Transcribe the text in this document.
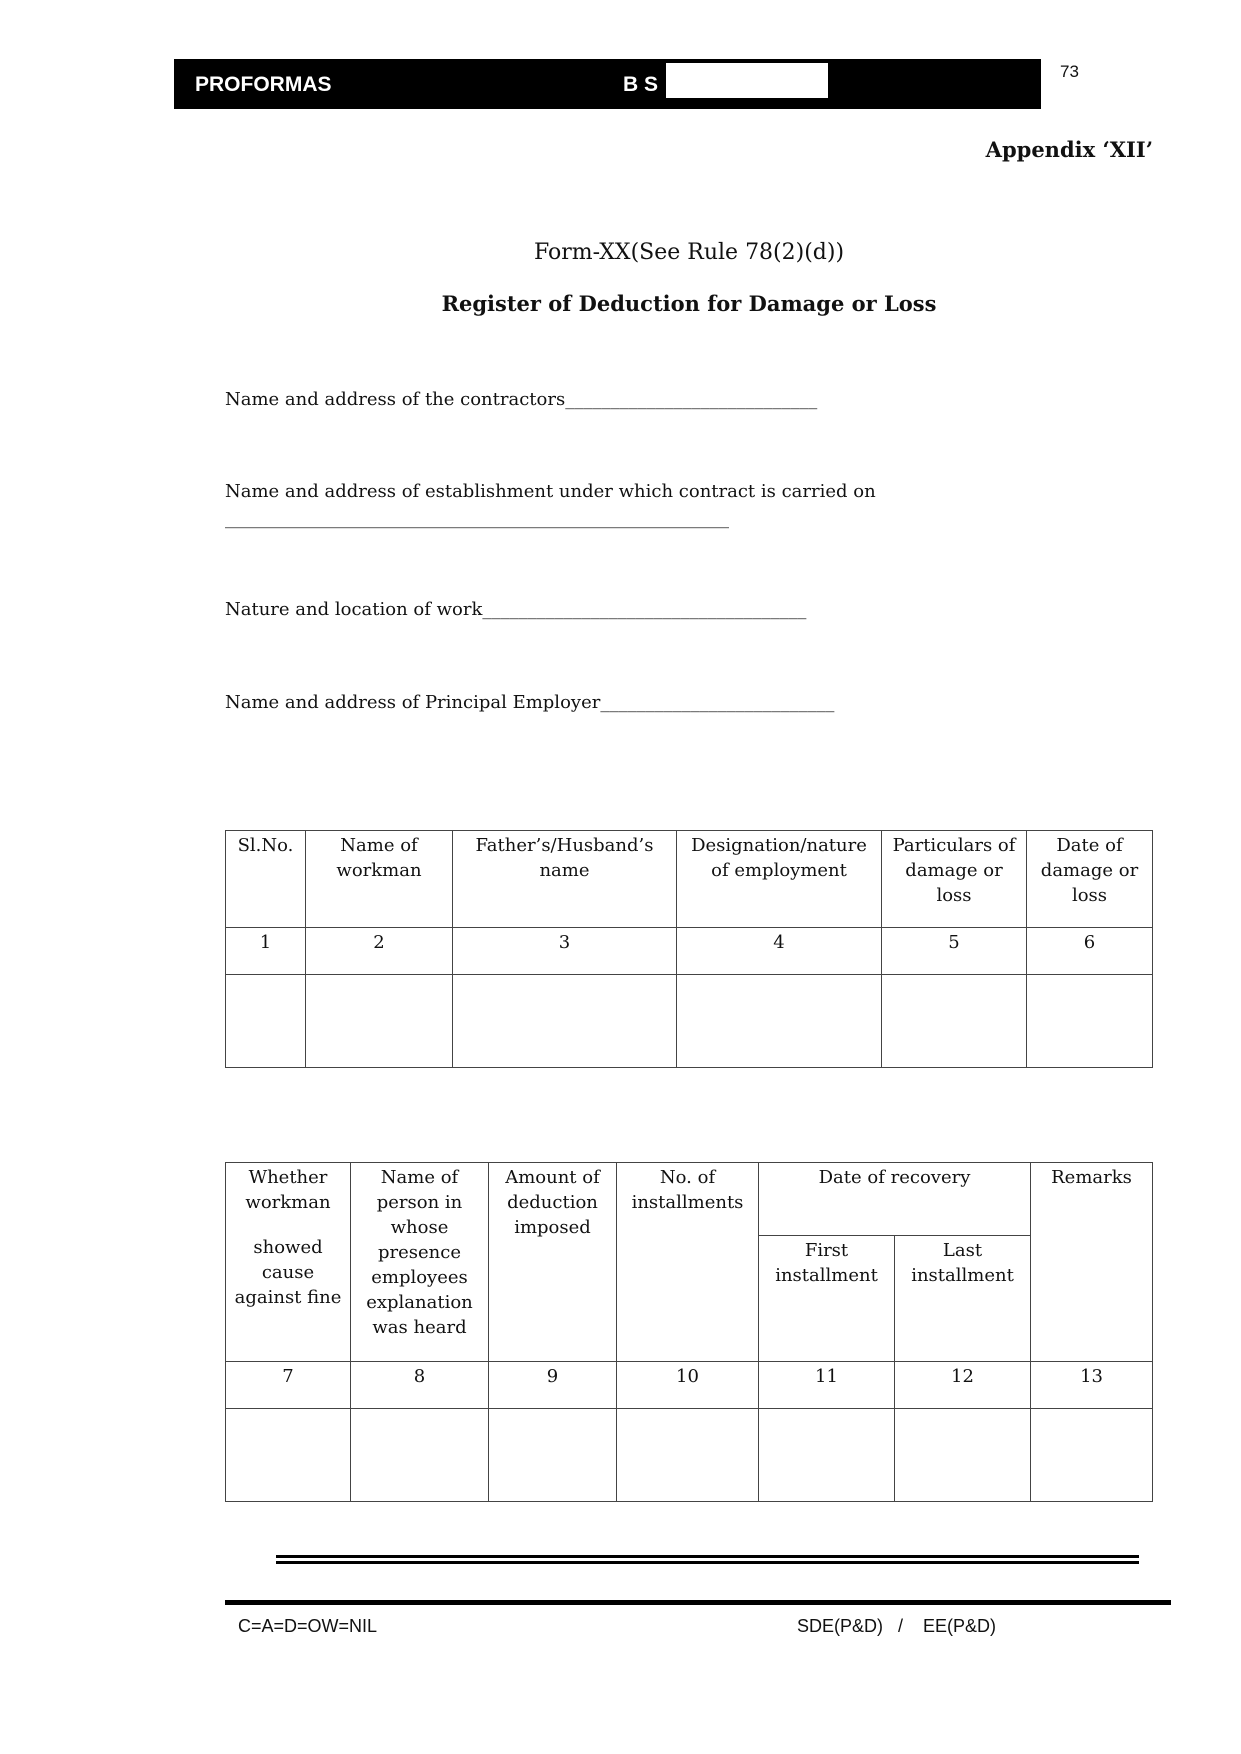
PROFORMAS	B S
73
Appendix ‘XII’
Form-XX(See Rule 78(2)(d))
Register of Deduction for Damage or Loss
Name and address of the contractors____________________________
Name and address of establishment under which contract is carried on
________________________________________________________
Nature and location of work____________________________________
Name and address of Principal Employer__________________________
Sl.No.	Name of workman	Father’s/Husband’s name	Designation/nature of employment	Particulars of damage or loss	Date of damage or loss
1	2	3	4	5	6

Whether workman
showed cause against fine	Name of person in whose presence employees explanation was heard	Amount of deduction imposed	No. of installments	Date of recovery		Remarks
				First installment	Last installment	
7	8	9	10	11	12	13

C=A=D=OW=NIL	SDE(P&D)   /    EE(P&D)
